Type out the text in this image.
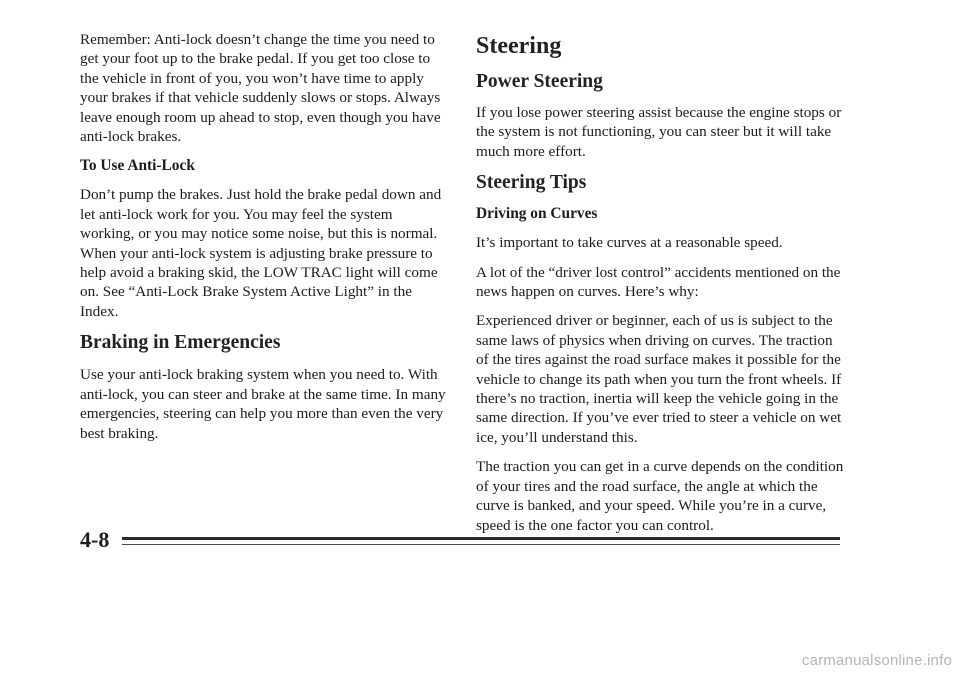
Remember: Anti-lock doesn’t change the time you need to get your foot up to the brake pedal. If you get too close to the vehicle in front of you, you won’t have time to apply your brakes if that vehicle suddenly slows or stops. Always leave enough room up ahead to stop, even though you have anti-lock brakes.

To Use Anti-Lock

Don’t pump the brakes. Just hold the brake pedal down and let anti-lock work for you. You may feel the system working, or you may notice some noise, but this is normal. When your anti-lock system is adjusting brake pressure to help avoid a braking skid, the LOW TRAC light will come on. See “Anti-Lock Brake System Active Light” in the Index.

Braking in Emergencies

Use your anti-lock braking system when you need to. With anti-lock, you can steer and brake at the same time. In many emergencies, steering can help you more than even the very best braking.

Steering
Power Steering

If you lose power steering assist because the engine stops or the system is not functioning, you can steer but it will take much more effort.

Steering Tips
Driving on Curves

It’s important to take curves at a reasonable speed.

A lot of the “driver lost control” accidents mentioned on the news happen on curves. Here’s why:

Experienced driver or beginner, each of us is subject to the same laws of physics when driving on curves. The traction of the tires against the road surface makes it possible for the vehicle to change its path when you turn the front wheels. If there’s no traction, inertia will keep the vehicle going in the same direction. If you’ve ever tried to steer a vehicle on wet ice, you’ll understand this.

The traction you can get in a curve depends on the condition of your tires and the road surface, the angle at which the curve is banked, and your speed. While you’re in a curve, speed is the one factor you can control.

4-8
carmanualsonline.info
